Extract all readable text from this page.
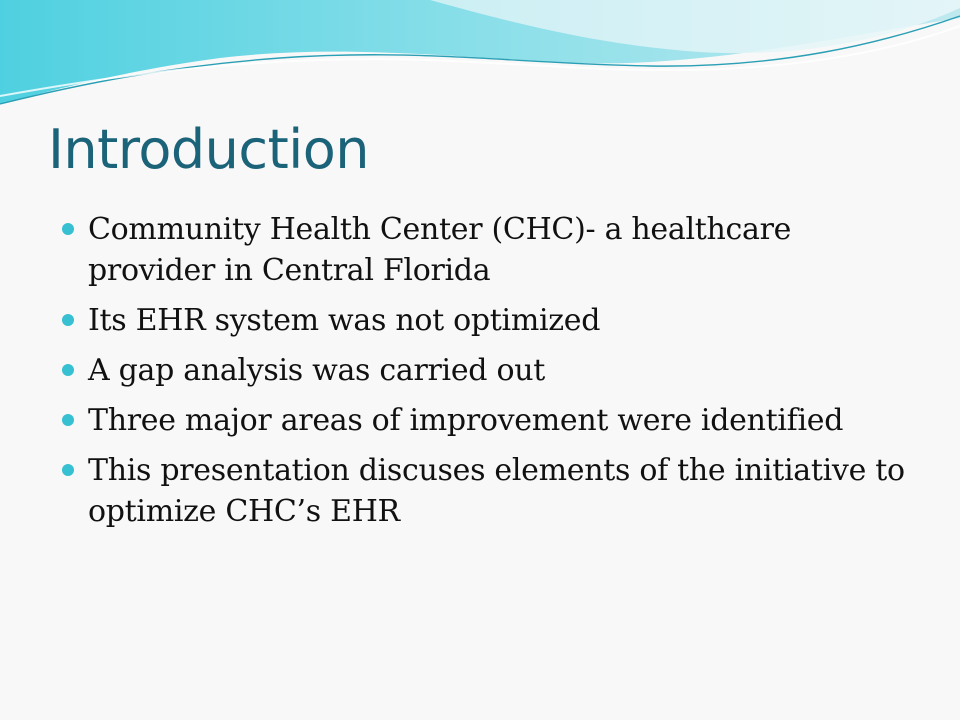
Introduction
Community Health Center (CHC)- a healthcare provider in Central Florida
Its EHR system was not optimized
A gap analysis was carried out
Three major areas of improvement were identified
This presentation discuses elements of the initiative to optimize CHC’s EHR
